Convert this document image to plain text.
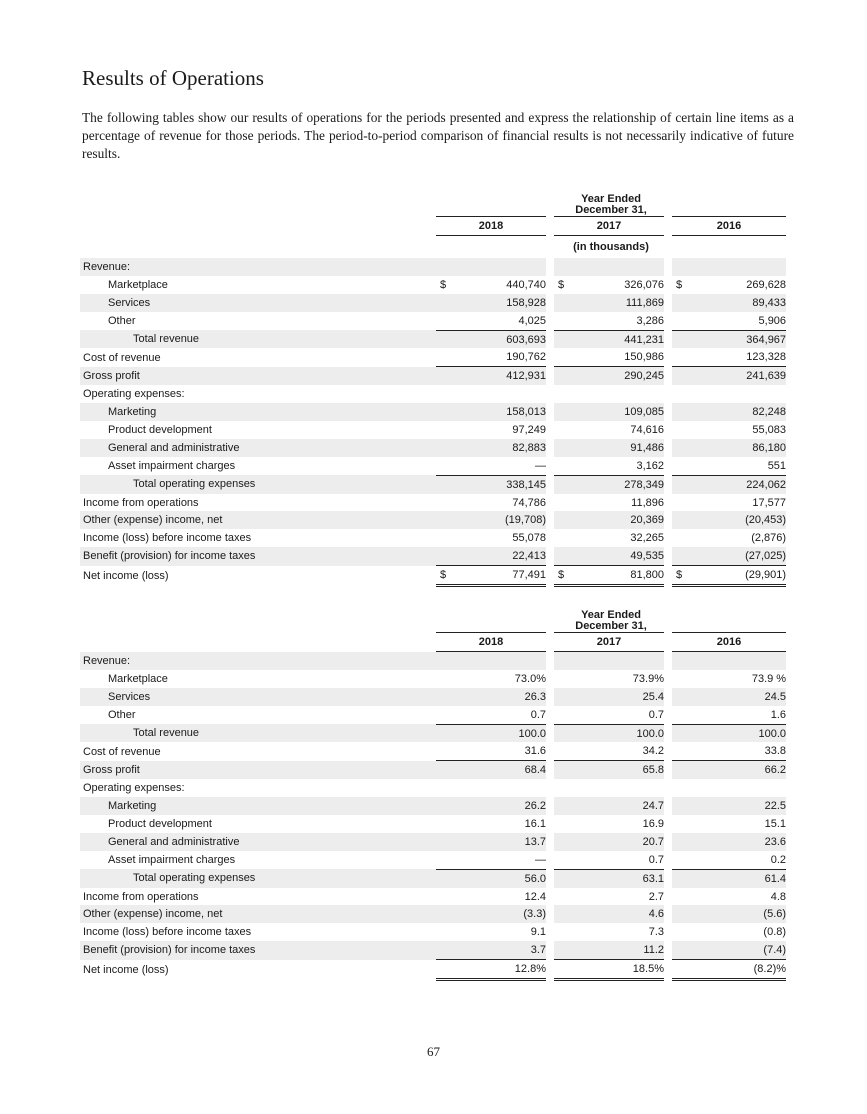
Results of Operations

The following tables show our results of operations for the periods presented and express the relationship of certain line items as a percentage of revenue for those periods. The period-to-period comparison of financial results is not necessarily indicative of future results.

	Year Ended
December 31,							

	2018			2017			2016	
	(in thousands)							
Revenue:								
Marketplace	$	440,740		$	326,076		$	269,628
Services		158,928			111,869			89,433
Other		4,025			3,286			5,906
Total revenue		603,693			441,231			364,967
Cost of revenue		190,762			150,986			123,328
Gross profit		412,931			290,245			241,639
Operating expenses:								
Marketing		158,013			109,085			82,248
Product development		97,249			74,616			55,083
General and administrative		82,883			91,486			86,180
Asset impairment charges		—			3,162			551
Total operating expenses		338,145			278,349			224,062
Income from operations		74,786			11,896			17,577
Other (expense) income, net		(19,708)			20,369			(20,453)
Income (loss) before income taxes		55,078			32,265			(2,876)
Benefit (provision) for income taxes		22,413			49,535			(27,025)
Net income (loss)	$	77,491		$	81,800		$	(29,901)

	Year Ended
December 31,							

	2018			2017			2016	
Revenue:								
Marketplace		73.0%			73.9%			73.9 %
Services		26.3			25.4			24.5
Other		0.7			0.7			1.6
Total revenue		100.0			100.0			100.0
Cost of revenue		31.6			34.2			33.8
Gross profit		68.4			65.8			66.2
Operating expenses:								
Marketing		26.2			24.7			22.5
Product development		16.1			16.9			15.1
General and administrative		13.7			20.7			23.6
Asset impairment charges		—			0.7			0.2
Total operating expenses		56.0			63.1			61.4
Income from operations		12.4			2.7			4.8
Other (expense) income, net		(3.3)			4.6			(5.6)
Income (loss) before income taxes		9.1			7.3			(0.8)
Benefit (provision) for income taxes		3.7			11.2			(7.4)
Net income (loss)		12.8%			18.5%			(8.2)%
67
